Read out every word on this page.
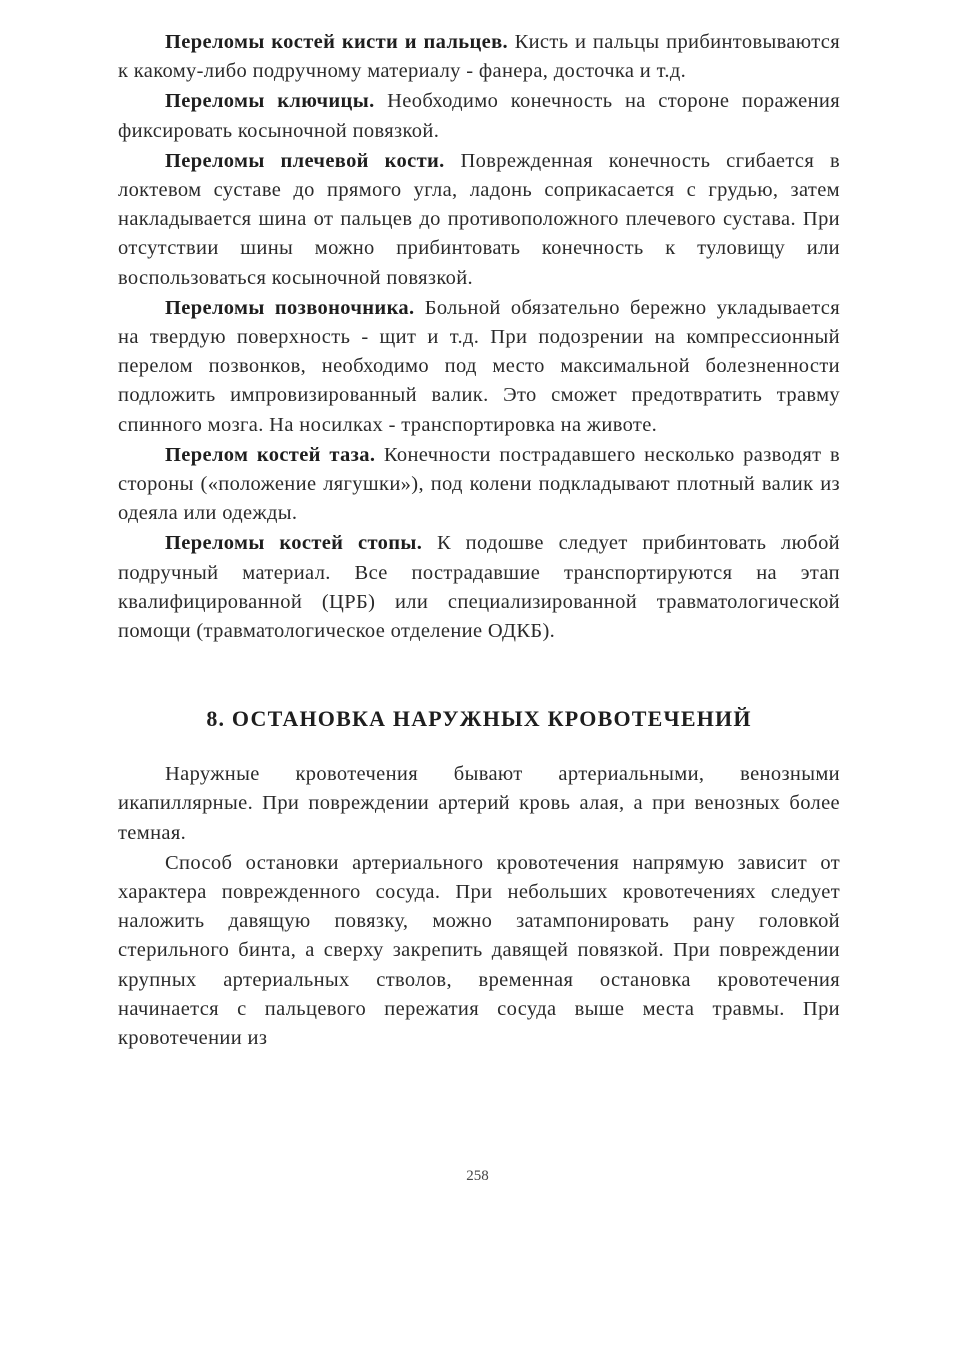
Переломы костей кисти и пальцев. Кисть и пальцы прибинтовываются к какому-либо подручному материалу - фанера, досточка и т.д.

Переломы ключицы. Необходимо конечность на стороне поражения фиксировать косыночной повязкой.

Переломы плечевой кости. Поврежденная конечность сгибается в локтевом суставе до прямого угла, ладонь соприкасается с грудью, затем накладывается шина от пальцев до противоположного плечевого сустава. При отсутствии шины можно прибинтовать конечность к туловищу или воспользоваться косыночной повязкой.

Переломы позвоночника. Больной обязательно бережно укладывается на твердую поверхность - щит и т.д. При подозрении на компрессионный перелом позвонков, необходимо под место максимальной болезненности подложить импровизированный валик. Это сможет предотвратить травму спинного мозга. На носилках - транспортировка на животе.

Перелом костей таза. Конечности пострадавшего несколько разводят в стороны («положение лягушки»), под колени подкладывают плотный валик из одеяла или одежды.

Переломы костей стопы. К подошве следует прибинтовать любой подручный материал. Все пострадавшие транспортируются на этап квалифицированной (ЦРБ) или специализированной травматологической помощи (травматологическое отделение ОДКБ).

8. ОСТАНОВКА НАРУЖНЫХ КРОВОТЕЧЕНИЙ

Наружные кровотечения бывают артериальными, венозными икапиллярные. При повреждении артерий кровь алая, а при венозных более темная.

Способ остановки артериального кровотечения напрямую зависит от характера поврежденного сосуда. При небольших кровотечениях следует наложить давящую повязку, можно затампонировать рану головкой стерильного бинта, а сверху закрепить давящей повязкой. При повреждении крупных артериальных стволов, временная остановка кровотечения начинается с пальцевого пережатия сосуда выше места травмы. При кровотечении из

258
